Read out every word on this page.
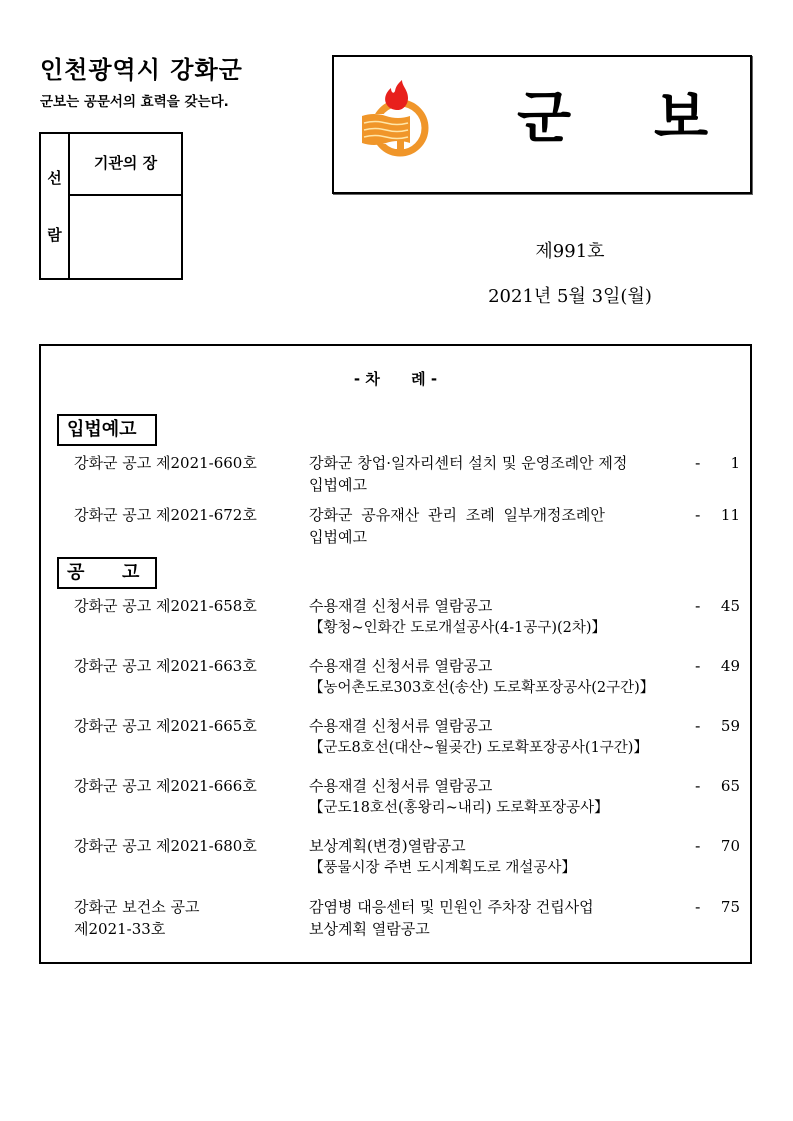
인천광역시 강화군
군보는 공문서의 효력을 갖는다.
선
람
기관의 장
군 보
제991호
2021년 5월 3일(월)
- 차      례 -
입법예고
강화군 공고 제2021-660호	강화군 창업·일자리센터 설치 및 운영조례안 제정
입법예고
- 1
강화군 공고 제2021-672호	강화군 공유재산 관리 조례 일부개정조례안
입법예고
- 11
공      고
강화군 공고 제2021-658호	수용재결 신청서류 열람공고
【황청~인화간 도로개설공사(4-1공구)(2차)】
- 45
강화군 공고 제2021-663호	수용재결 신청서류 열람공고
【농어촌도로303호선(송산) 도로확포장공사(2구간)】
- 49
강화군 공고 제2021-665호	수용재결 신청서류 열람공고
【군도8호선(대산~월곶간) 도로확포장공사(1구간)】
- 59
강화군 공고 제2021-666호	수용재결 신청서류 열람공고
【군도18호선(홍왕리~내리) 도로확포장공사】
- 65
강화군 공고 제2021-680호	보상계획(변경)열람공고
【풍물시장 주변 도시계획도로 개설공사】
- 70
강화군 보건소 공고
제2021-33호
감염병 대응센터 및 민원인 주차장 건립사업
보상계획 열람공고
- 75
